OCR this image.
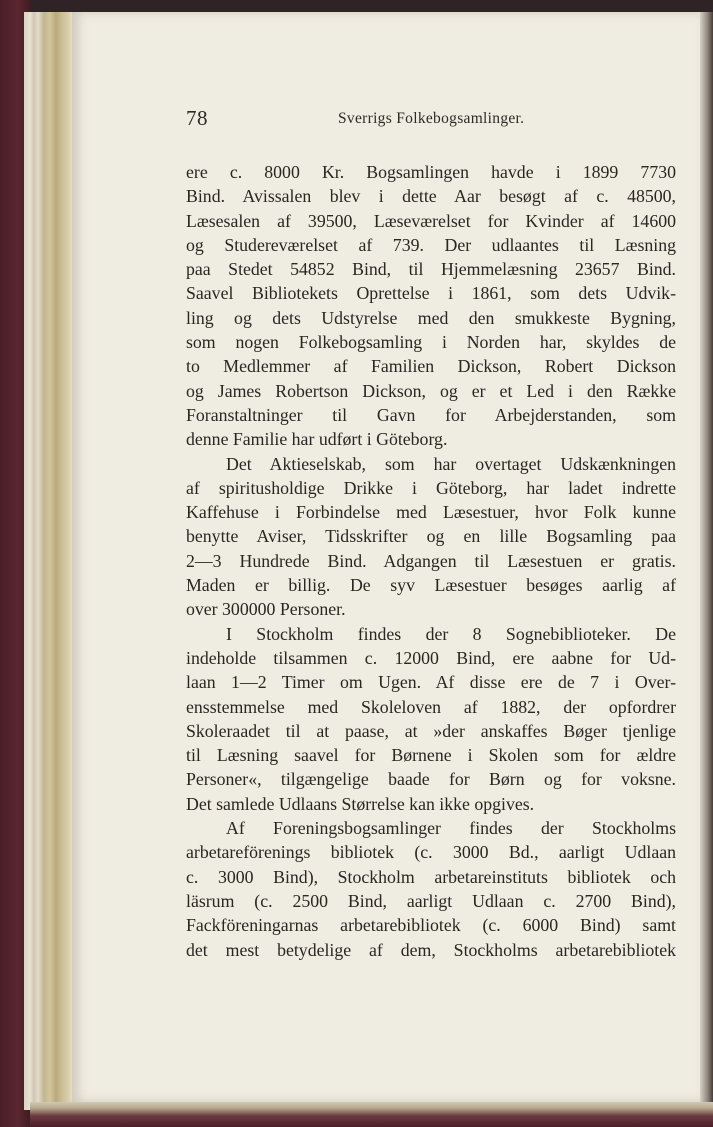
78	Sverrigs Folkebogsamlinger.
ere c. 8000 Kr. Bogsamlingen havde i 1899 7730
Bind. Avissalen blev i dette Aar besøgt af c. 48500,
Læsesalen af 39500, Læseværelset for Kvinder af 14600
og Studereværelset af 739. Der udlaantes til Læsning
paa Stedet 54852 Bind, til Hjemmelæsning 23657 Bind.
Saavel Bibliotekets Oprettelse i 1861, som dets Udvik-
ling og dets Udstyrelse med den smukkeste Bygning,
som nogen Folkebogsamling i Norden har, skyldes de
to Medlemmer af Familien Dickson, Robert Dickson
og James Robertson Dickson, og er et Led i den Række
Foranstaltninger til Gavn for Arbejderstanden, som
denne Familie har udført i Göteborg.
Det Aktieselskab, som har overtaget Udskænkningen
af spiritusholdige Drikke i Göteborg, har ladet indrette
Kaffehuse i Forbindelse med Læsestuer, hvor Folk kunne
benytte Aviser, Tidsskrifter og en lille Bogsamling paa
2—3 Hundrede Bind. Adgangen til Læsestuen er gratis.
Maden er billig. De syv Læsestuer besøges aarlig af
over 300000 Personer.
I Stockholm findes der 8 Sognebiblioteker. De
indeholde tilsammen c. 12000 Bind, ere aabne for Ud-
laan 1—2 Timer om Ugen. Af disse ere de 7 i Over-
ensstemmelse med Skoleloven af 1882, der opfordrer
Skoleraadet til at paase, at »der anskaffes Bøger tjenlige
til Læsning saavel for Børnene i Skolen som for ældre
Personer«, tilgængelige baade for Børn og for voksne.
Det samlede Udlaans Størrelse kan ikke opgives.
Af Foreningsbogsamlinger findes der Stockholms
arbetareförenings bibliotek (c. 3000 Bd., aarligt Udlaan
c. 3000 Bind), Stockholm arbetareinstituts bibliotek och
läsrum (c. 2500 Bind, aarligt Udlaan c. 2700 Bind),
Fackföreningarnas arbetarebibliotek (c. 6000 Bind) samt
det mest betydelige af dem, Stockholms arbetarebibliotek
